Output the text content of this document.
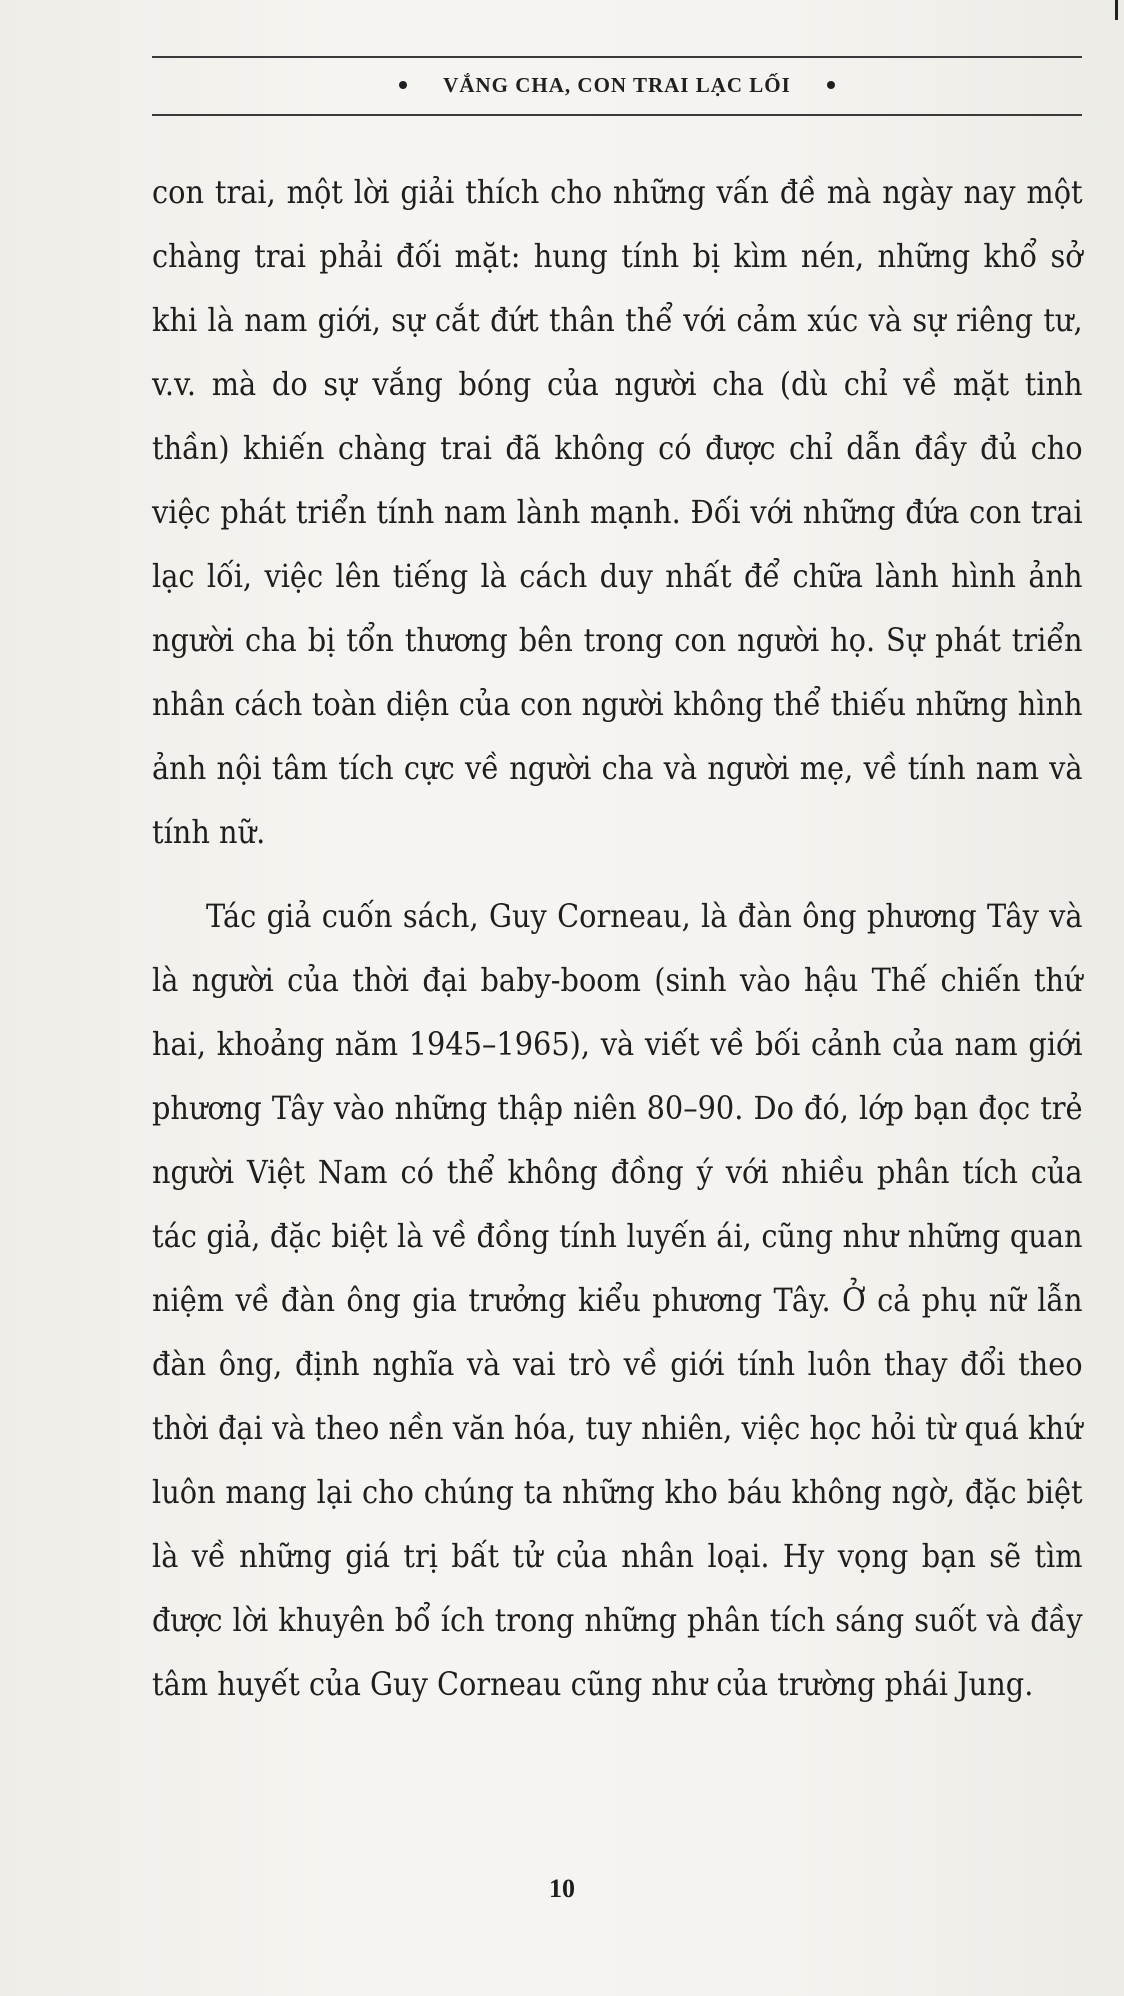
VẮNG CHA, CON TRAI LẠC LỐI

con trai, một lời giải thích cho những vấn đề mà ngày nay một chàng trai phải đối mặt: hung tính bị kìm nén, những khổ sở khi là nam giới, sự cắt đứt thân thể với cảm xúc và sự riêng tư, v.v. mà do sự vắng bóng của người cha (dù chỉ về mặt tinh thần) khiến chàng trai đã không có được chỉ dẫn đầy đủ cho việc phát triển tính nam lành mạnh. Đối với những đứa con trai lạc lối, việc lên tiếng là cách duy nhất để chữa lành hình ảnh người cha bị tổn thương bên trong con người họ. Sự phát triển nhân cách toàn diện của con người không thể thiếu những hình ảnh nội tâm tích cực về người cha và người mẹ, về tính nam và tính nữ.

Tác giả cuốn sách, Guy Corneau, là đàn ông phương Tây và là người của thời đại baby-boom (sinh vào hậu Thế chiến thứ hai, khoảng năm 1945–1965), và viết về bối cảnh của nam giới phương Tây vào những thập niên 80–90. Do đó, lớp bạn đọc trẻ người Việt Nam có thể không đồng ý với nhiều phân tích của tác giả, đặc biệt là về đồng tính luyến ái, cũng như những quan niệm về đàn ông gia trưởng kiểu phương Tây. Ở cả phụ nữ lẫn đàn ông, định nghĩa và vai trò về giới tính luôn thay đổi theo thời đại và theo nền văn hóa, tuy nhiên, việc học hỏi từ quá khứ luôn mang lại cho chúng ta những kho báu không ngờ, đặc biệt là về những giá trị bất tử của nhân loại. Hy vọng bạn sẽ tìm được lời khuyên bổ ích trong những phân tích sáng suốt và đầy tâm huyết của Guy Corneau cũng như của trường phái Jung.

10
